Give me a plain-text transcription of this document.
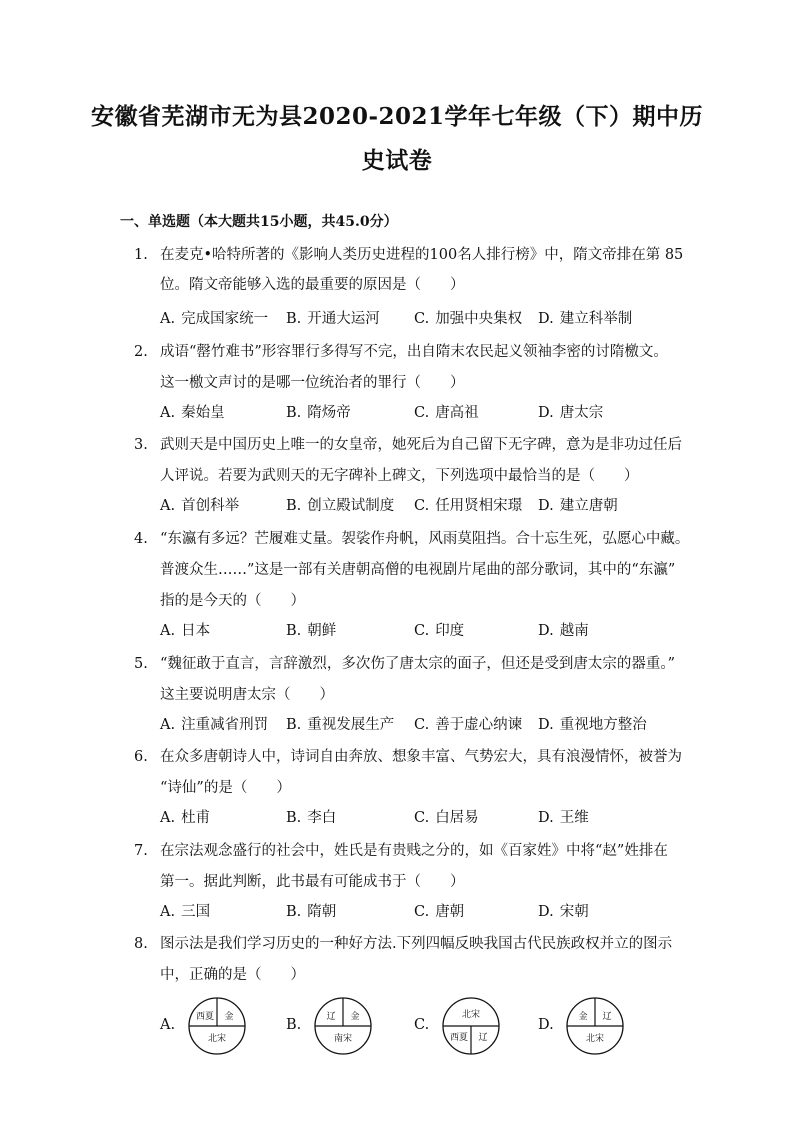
安徽省芜湖市无为县2020-2021学年七年级（下）期中历
史试卷
一、单选题（本大题共15小题，共45.0分）
1. 在麦克•哈特所著的《影响人类历史进程的100名人排行榜》中，隋文帝排在第 85
位。隋文帝能够入选的最重要的原因是（　　）
A. 完成国家统一 B. 开通大运河 C. 加强中央集权 D. 建立科举制
2. 成语“罄竹难书”形容罪行多得写不完，出自隋末农民起义领袖李密的讨隋檄文。
这一檄文声讨的是哪一位统治者的罪行（　　）
A. 秦始皇	B. 隋炀帝	C. 唐高祖	D. 唐太宗
3. 武则天是中国历史上唯一的女皇帝，她死后为自己留下无字碑，意为是非功过任后
人评说。若要为武则天的无字碑补上碑文，下列选项中最恰当的是（　　）
A. 首创科举	B. 创立殿试制度 C. 任用贤相宋璟 D. 建立唐朝
4. “东瀛有多远？芒履难丈量。袈裟作舟帆，风雨莫阻挡。合十忘生死，弘愿心中藏。
普渡众生……”这是一部有关唐朝高僧的电视剧片尾曲的部分歌词，其中的“东瀛”
指的是今天的（　　）
A. 日本	B. 朝鲜	C. 印度	D. 越南
5. “魏征敢于直言，言辞激烈，多次伤了唐太宗的面子，但还是受到唐太宗的器重。”
这主要说明唐太宗（　　）
A. 注重减省刑罚 B. 重视发展生产 C. 善于虚心纳谏 D. 重视地方整治
6. 在众多唐朝诗人中，诗词自由奔放、想象丰富、气势宏大，具有浪漫情怀，被誉为
“诗仙”的是（　　）
A. 杜甫	B. 李白	C. 白居易	D. 王维
7. 在宗法观念盛行的社会中，姓氏是有贵贱之分的，如《百家姓》中将“赵”姓排在
第一。据此判断，此书最有可能成书于（　　）
A. 三国	B. 隋朝	C. 唐朝	D. 宋朝
8. 图示法是我们学习历史的一种好方法.下列四幅反映我国古代民族政权并立的图示
中，正确的是（　　）
A. 西夏 金
北宋
B.	辽 金
南宋
C.
北宋
西夏 辽
D.	金 辽
北宋
